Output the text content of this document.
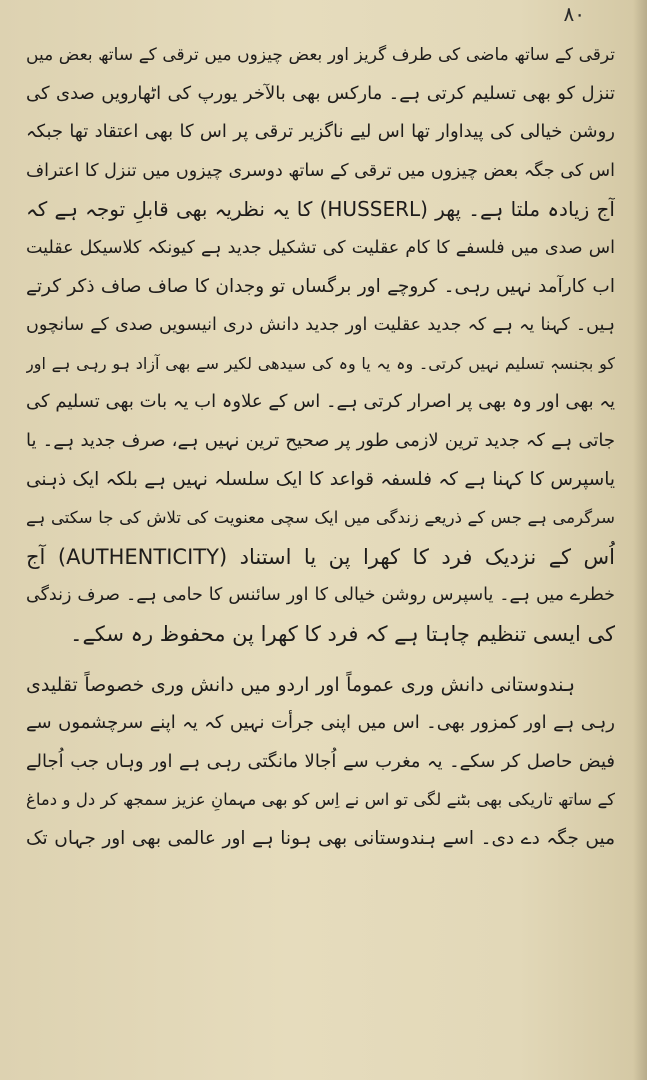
۸۰
ترقی کے ساتھ ماضی کی طرف گریز اور بعض چیزوں میں ترقی کے ساتھ بعض میں
تنزل کو بھی تسلیم کرتی ہے۔ مارکس بھی بالآخر یورپ کی اٹھارویں صدی کی
روشن خیالی کی پیداوار تھا اس لیے ناگزیر ترقی پر اس کا بھی اعتقاد تھا جبکہ
اس کی جگہ بعض چیزوں میں ترقی کے ساتھ دوسری چیزوں میں تنزل کا اعتراف
آج زیادہ ملتا ہے۔ پھر (HUSSERL) کا یہ نظریہ بھی قابلِ توجہ ہے کہ
اس صدی میں فلسفے کا کام عقلیت کی تشکیل جدید ہے کیونکہ کلاسیکل عقلیت
اب کارآمد نہیں رہی۔ کروچے اور برگساں تو وجدان کا صاف صاف ذکر کرتے
ہیں۔ کہنا یہ ہے کہ جدید عقلیت اور جدید دانش دری انیسویں صدی کے سانچوں
کو بجنسہٖ تسلیم نہیں کرتی۔ وہ یہ یا وہ کی سیدھی لکیر سے بھی آزاد ہو رہی ہے اور
یہ بھی اور وہ بھی پر اصرار کرتی ہے۔ اس کے علاوہ اب یہ بات بھی تسلیم کی
جاتی ہے کہ جدید ترین لازمی طور پر صحیح ترین نہیں ہے، صرف جدید ہے۔ یا
یاسپرس کا کہنا ہے کہ فلسفہ قواعد کا ایک سلسلہ نہیں ہے بلکہ ایک ذہنی
سرگرمی ہے جس کے ذریعے زندگی میں ایک سچی معنویت کی تلاش کی جا سکتی ہے
اُس کے نزدیک فرد کا کھرا پن یا استناد (AUTHENTICITY) آج
خطرے میں ہے۔ یاسپرس روشن خیالی کا اور سائنس کا حامی ہے۔ صرف زندگی
کی ایسی تنظیم چاہتا ہے کہ فرد کا کھرا پن محفوظ رہ سکے۔
ہندوستانی دانش وری عموماً اور اردو میں دانش وری خصوصاً تقلیدی
رہی ہے اور کمزور بھی۔ اس میں اپنی جرأت نہیں کہ یہ اپنے سرچشموں سے
فیض حاصل کر سکے۔ یہ مغرب سے اُجالا مانگتی رہی ہے اور وہاں جب اُجالے
کے ساتھ تاریکی بھی بٹنے لگی تو اس نے اِس کو بھی مہمانِ عزیز سمجھ کر دل و دماغ
میں جگہ دے دی۔ اسے ہندوستانی بھی ہونا ہے اور عالمی بھی اور جہاں تک
